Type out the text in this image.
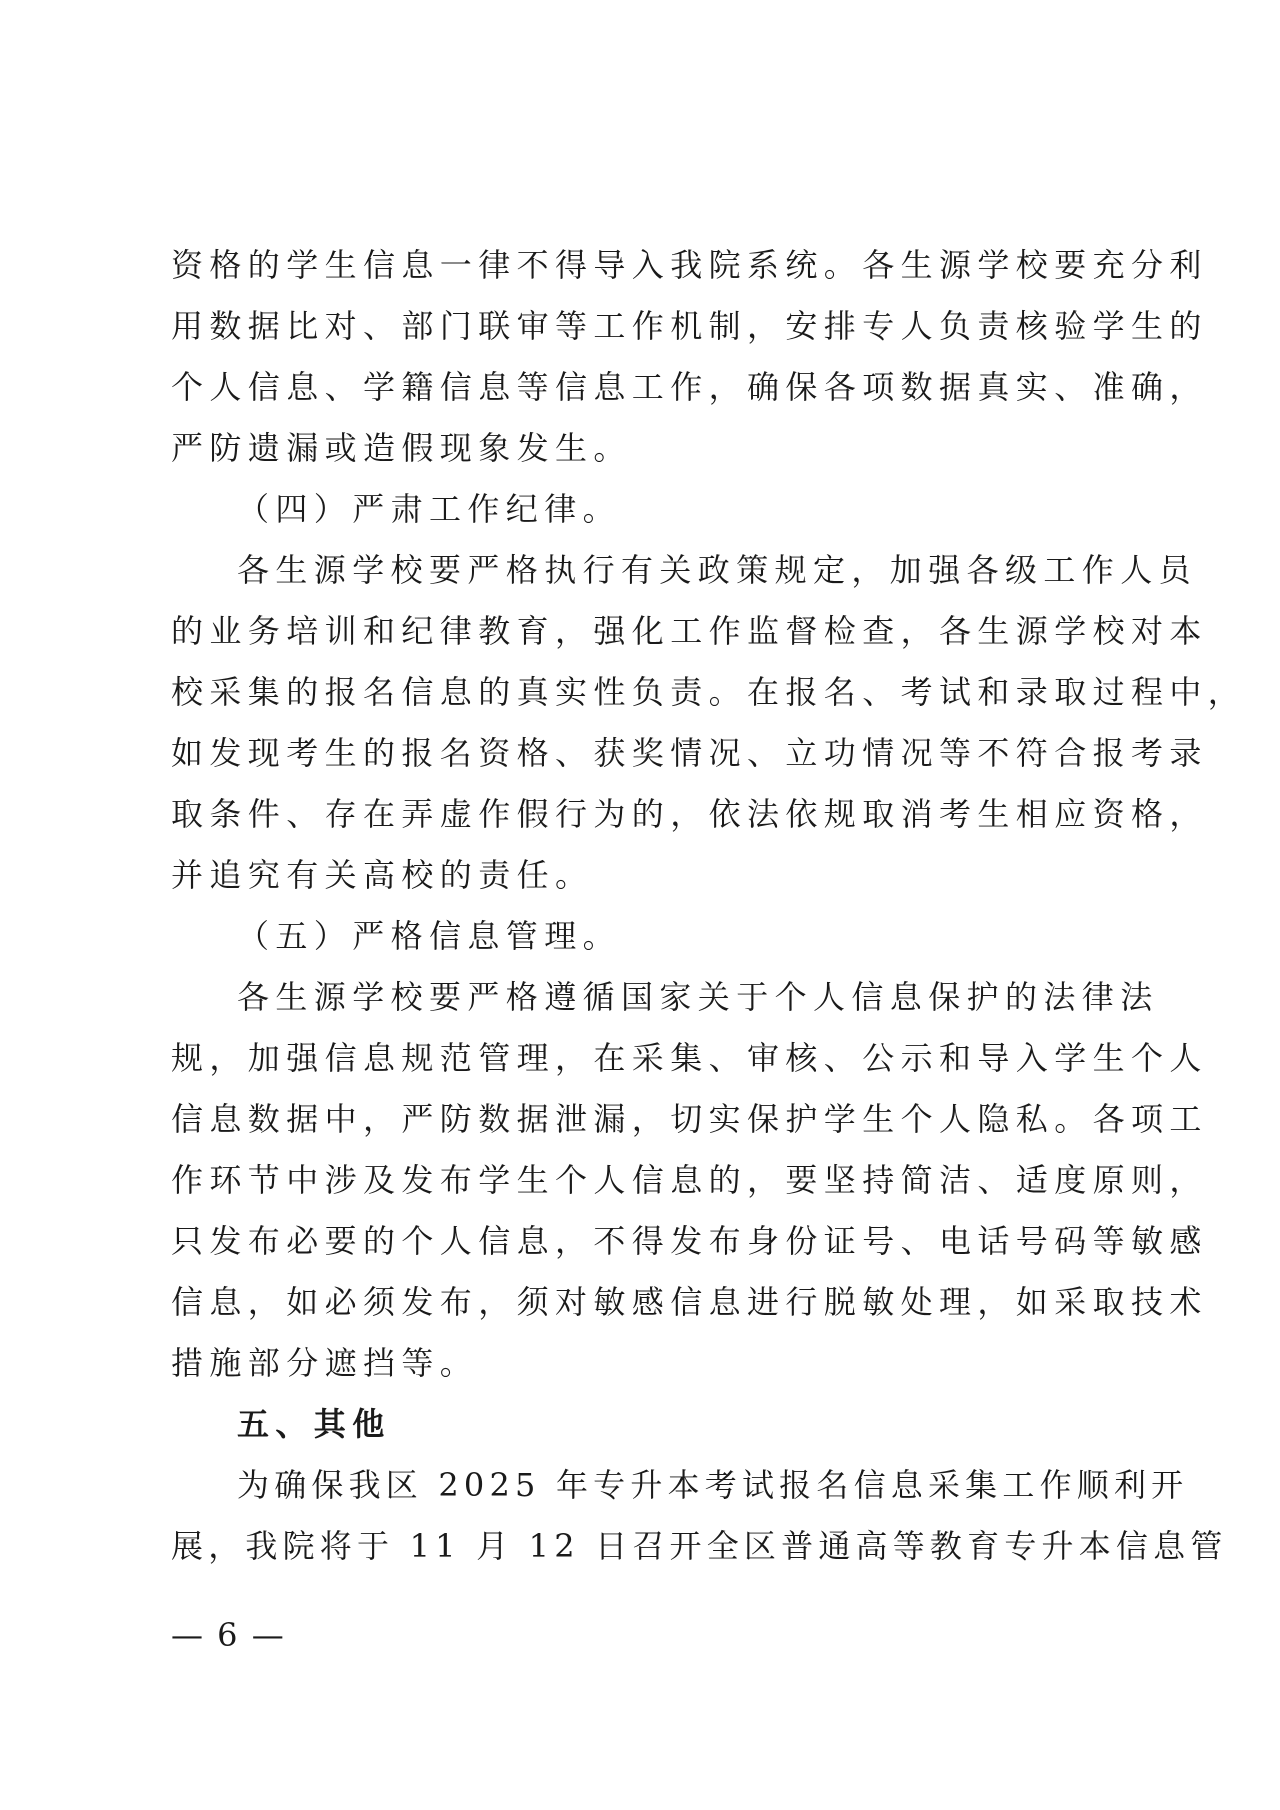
资格的学生信息一律不得导入我院系统。各生源学校要充分利
用数据比对、部门联审等工作机制，安排专人负责核验学生的
个人信息、学籍信息等信息工作，确保各项数据真实、准确，
严防遗漏或造假现象发生。
（四）严肃工作纪律。
各生源学校要严格执行有关政策规定，加强各级工作人员
的业务培训和纪律教育，强化工作监督检查，各生源学校对本
校采集的报名信息的真实性负责。在报名、考试和录取过程中，
如发现考生的报名资格、获奖情况、立功情况等不符合报考录
取条件、存在弄虚作假行为的，依法依规取消考生相应资格，
并追究有关高校的责任。
（五）严格信息管理。
各生源学校要严格遵循国家关于个人信息保护的法律法
规，加强信息规范管理，在采集、审核、公示和导入学生个人
信息数据中，严防数据泄漏，切实保护学生个人隐私。各项工
作环节中涉及发布学生个人信息的，要坚持简洁、适度原则，
只发布必要的个人信息，不得发布身份证号、电话号码等敏感
信息，如必须发布，须对敏感信息进行脱敏处理，如采取技术
措施部分遮挡等。
五、其他
为确保我区 2025 年专升本考试报名信息采集工作顺利开
展，我院将于 11 月 12 日召开全区普通高等教育专升本信息管
— 6 —
